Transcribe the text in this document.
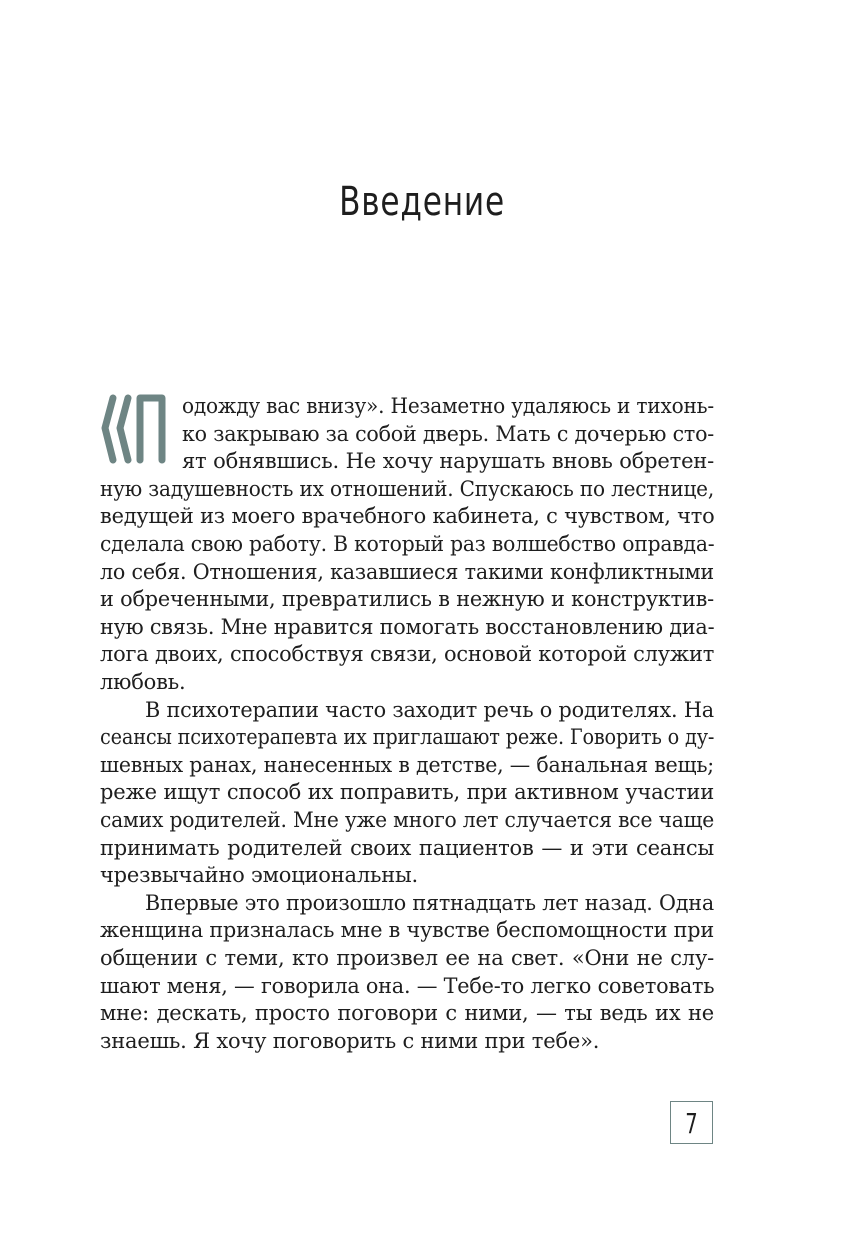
Введение
одожду вас внизу». Незаметно удаляюсь и тихонь-
ко закрываю за собой дверь. Мать с дочерью сто-
ят обнявшись. Не хочу нарушать вновь обретен-
ную задушевность их отношений. Спускаюсь по лестнице,
ведущей из моего врачебного кабинета, с чувством, что
сделала свою работу. В который раз волшебство оправда-
ло себя. Отношения, казавшиеся такими конфликтными
и обреченными, превратились в нежную и конструктив-
ную связь. Мне нравится помогать восстановлению диа-
лога двоих, способствуя связи, основой которой служит
любовь.
В психотерапии часто заходит речь о родителях. На
сеансы психотерапевта их приглашают реже. Говорить о ду-
шевных ранах, нанесенных в детстве, — банальная вещь;
реже ищут способ их поправить, при активном участии
самих родителей. Мне уже много лет случается все чаще
принимать родителей своих пациентов — и эти сеансы
чрезвычайно эмоциональны.
Впервые это произошло пятнадцать лет назад. Одна
женщина призналась мне в чувстве беспомощности при
общении с теми, кто произвел ее на свет. «Они не слу-
шают меня, — говорила она. — Тебе-то легко советовать
мне: дескать, просто поговори с ними, — ты ведь их не
знаешь. Я хочу поговорить с ними при тебе».
7
